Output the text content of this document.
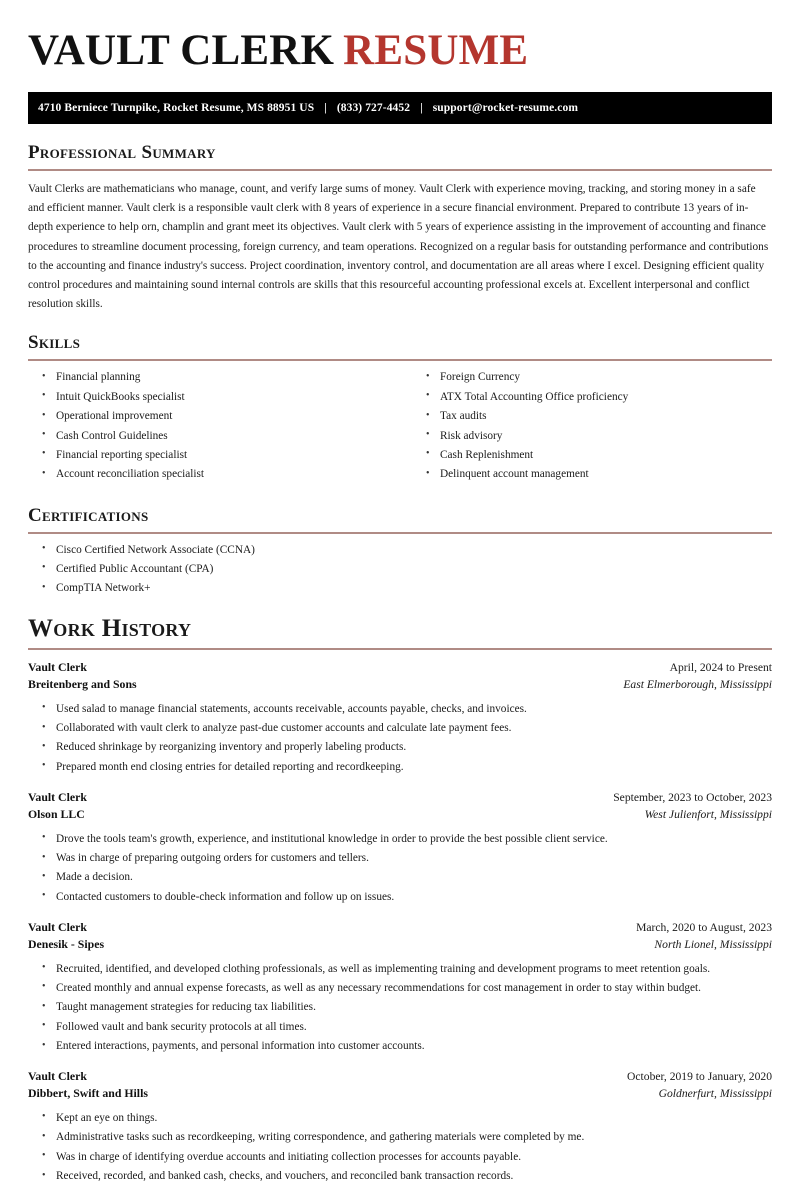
VAULT CLERK RESUME
4710 Berniece Turnpike, Rocket Resume, MS 88951 US | (833) 727-4452 | support@rocket-resume.com
Professional Summary

Vault Clerks are mathematicians who manage, count, and verify large sums of money. Vault Clerk with experience moving, tracking, and storing money in a safe and efficient manner. Vault clerk is a responsible vault clerk with 8 years of experience in a secure financial environment. Prepared to contribute 13 years of in-depth experience to help orn, champlin and grant meet its objectives. Vault clerk with 5 years of experience assisting in the improvement of accounting and finance procedures to streamline document processing, foreign currency, and team operations. Recognized on a regular basis for outstanding performance and contributions to the accounting and finance industry's success. Project coordination, inventory control, and documentation are all areas where I excel. Designing efficient quality control procedures and maintaining sound internal controls are skills that this resourceful accounting professional excels at. Excellent interpersonal and conflict resolution skills.

Skills
• Financial planning
• Intuit QuickBooks specialist
• Operational improvement
• Cash Control Guidelines
• Financial reporting specialist
• Account reconciliation specialist
• Foreign Currency
• ATX Total Accounting Office proficiency
• Tax audits
• Risk advisory
• Cash Replenishment
• Delinquent account management
Certifications
• Cisco Certified Network Associate (CCNA)
• Certified Public Accountant (CPA)
• CompTIA Network+
Work History
Vault Clerk	April, 2024 to Present
Breitenberg and Sons	East Elmerborough, Mississippi
• Used salad to manage financial statements, accounts receivable, accounts payable, checks, and invoices.
• Collaborated with vault clerk to analyze past-due customer accounts and calculate late payment fees.
• Reduced shrinkage by reorganizing inventory and properly labeling products.
• Prepared month end closing entries for detailed reporting and recordkeeping.
Vault Clerk	September, 2023 to October, 2023
Olson LLC	West Julienfort, Mississippi
• Drove the tools team's growth, experience, and institutional knowledge in order to provide the best possible client service.
• Was in charge of preparing outgoing orders for customers and tellers.
• Made a decision.
• Contacted customers to double-check information and follow up on issues.
Vault Clerk	March, 2020 to August, 2023
Denesik - Sipes	North Lionel, Mississippi
• Recruited, identified, and developed clothing professionals, as well as implementing training and development programs to meet retention goals.
• Created monthly and annual expense forecasts, as well as any necessary recommendations for cost management in order to stay within budget.
• Taught management strategies for reducing tax liabilities.
• Followed vault and bank security protocols at all times.
• Entered interactions, payments, and personal information into customer accounts.
Vault Clerk	October, 2019 to January, 2020
Dibbert, Swift and Hills	Goldnerfurt, Mississippi
• Kept an eye on things.
• Administrative tasks such as recordkeeping, writing correspondence, and gathering materials were completed by me.
• Was in charge of identifying overdue accounts and initiating collection processes for accounts payable.
• Received, recorded, and banked cash, checks, and vouchers, and reconciled bank transaction records.
